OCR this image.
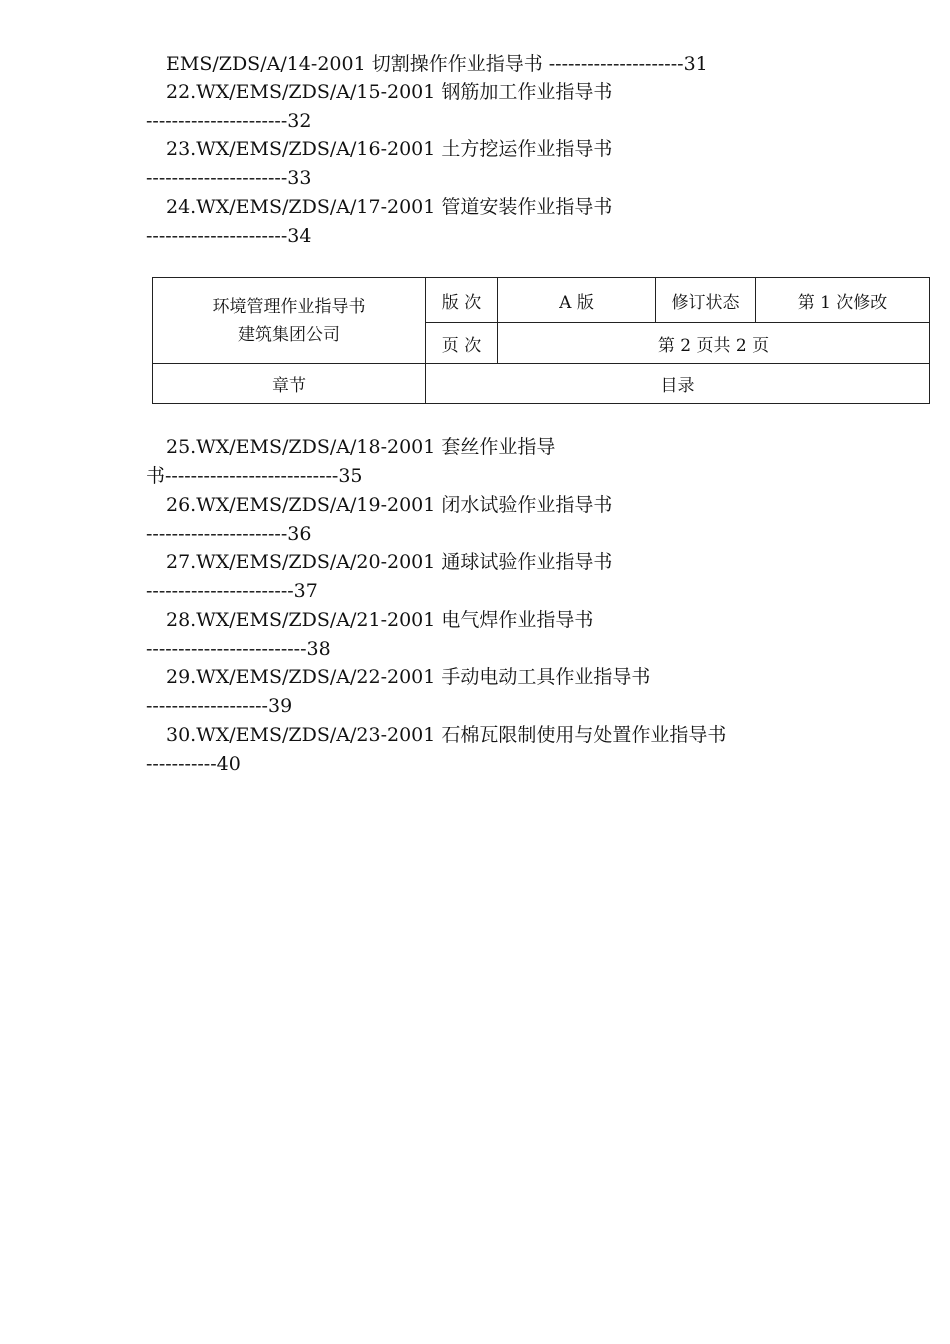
EMS/ZDS/A/14-2001 切割操作作业指导书 ---------------------31
22.WX/EMS/ZDS/A/15-2001 钢筋加工作业指导书
----------------------32
23.WX/EMS/ZDS/A/16-2001 土方挖运作业指导书
----------------------33
24.WX/EMS/ZDS/A/17-2001 管道安装作业指导书
----------------------34
环境管理作业指导书
建筑集团公司	版 次	A 版	修订状态	第 1 次修改
	页 次	第 2 页共 2 页		
章节	目录			
25.WX/EMS/ZDS/A/18-2001 套丝作业指导
书---------------------------35
26.WX/EMS/ZDS/A/19-2001 闭水试验作业指导书
----------------------36
27.WX/EMS/ZDS/A/20-2001 通球试验作业指导书
-----------------------37
28.WX/EMS/ZDS/A/21-2001 电气焊作业指导书
-------------------------38
29.WX/EMS/ZDS/A/22-2001 手动电动工具作业指导书
-------------------39
30.WX/EMS/ZDS/A/23-2001 石棉瓦限制使用与处置作业指导书
-----------40
